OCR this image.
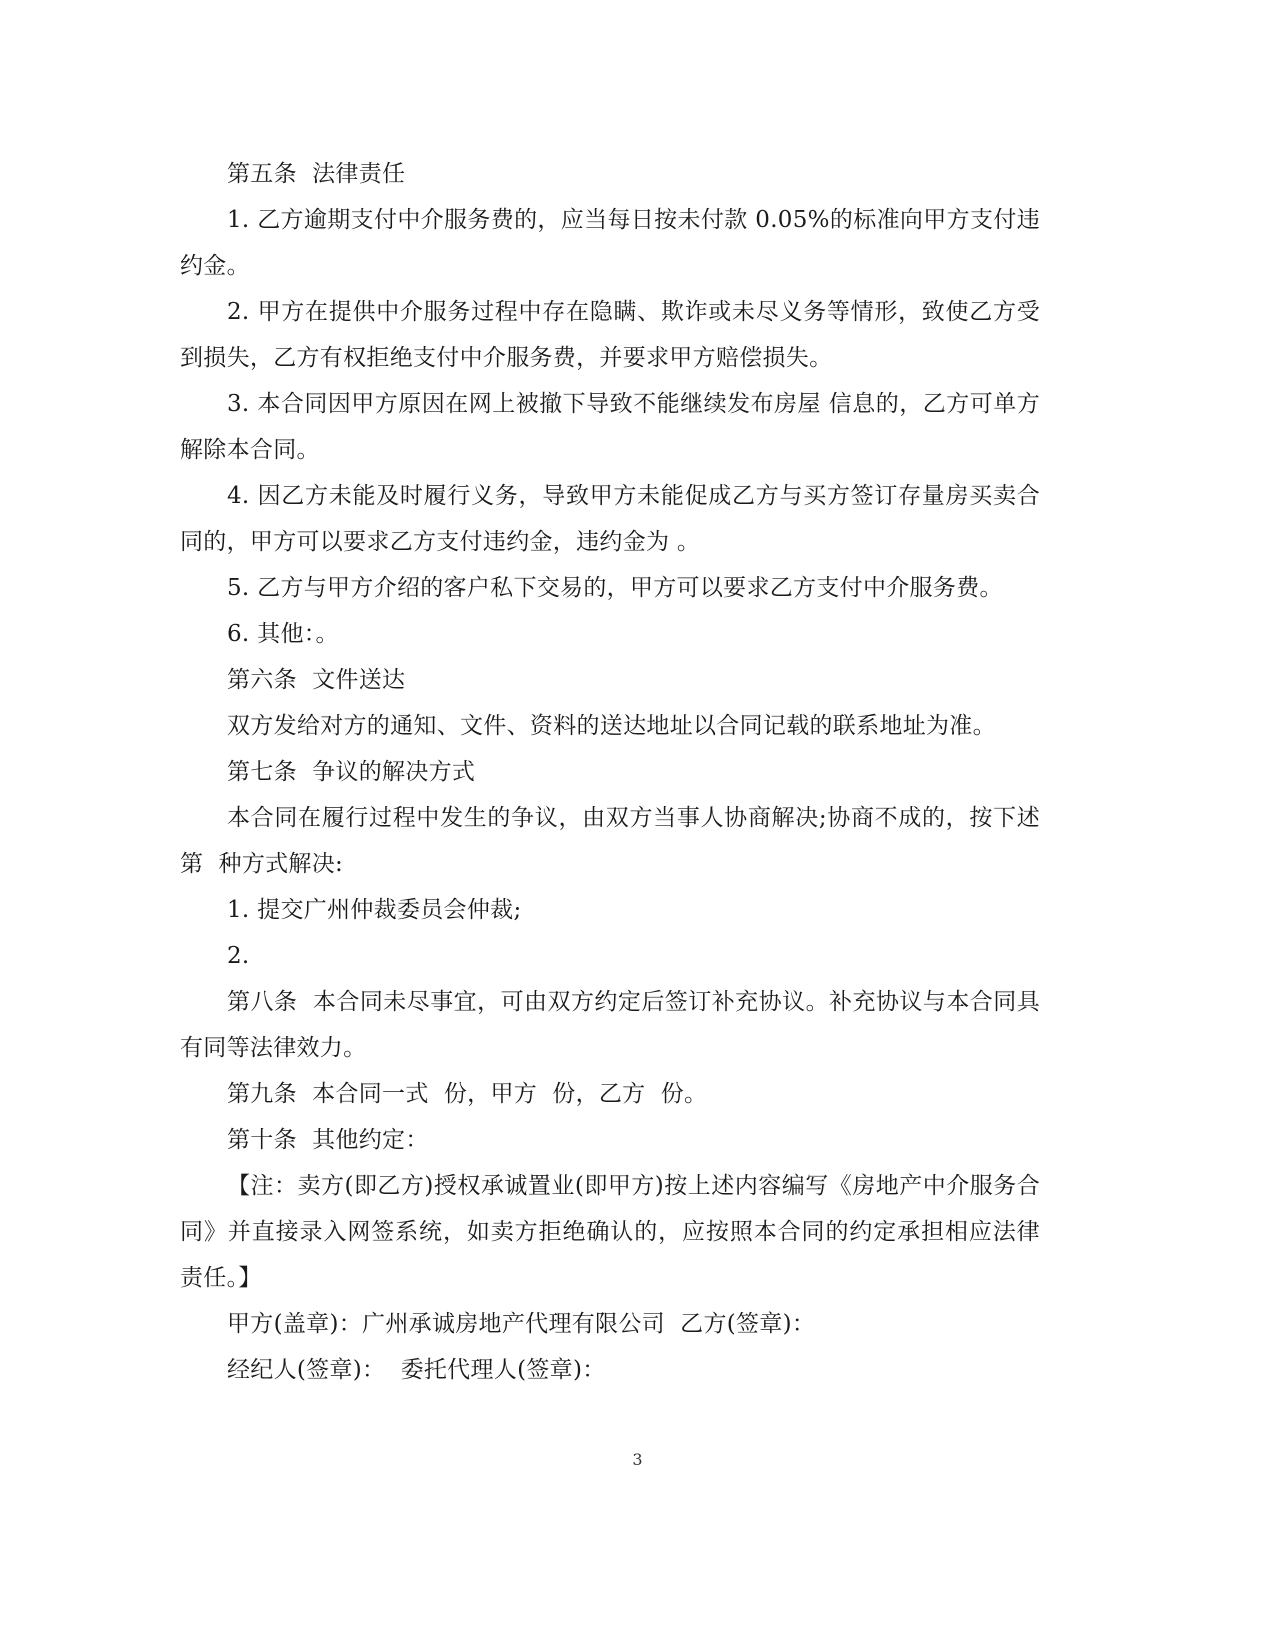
第五条  法律责任

1. 乙方逾期支付中介服务费的，应当每日按未付款 0.05%的标准向甲方支付违约金。

2. 甲方在提供中介服务过程中存在隐瞒、欺诈或未尽义务等情形，致使乙方受到损失，乙方有权拒绝支付中介服务费，并要求甲方赔偿损失。

3. 本合同因甲方原因在网上被撤下导致不能继续发布房屋 信息的，乙方可单方解除本合同。

4. 因乙方未能及时履行义务，导致甲方未能促成乙方与买方签订存量房买卖合同的，甲方可以要求乙方支付违约金，违约金为 。

5. 乙方与甲方介绍的客户私下交易的，甲方可以要求乙方支付中介服务费。

6. 其他：。

第六条  文件送达

双方发给对方的通知、文件、资料的送达地址以合同记载的联系地址为准。

第七条  争议的解决方式

本合同在履行过程中发生的争议，由双方当事人协商解决;协商不成的，按下述第  种方式解决:

1. 提交广州仲裁委员会仲裁;

2.

第八条  本合同未尽事宜，可由双方约定后签订补充协议。补充协议与本合同具有同等法律效力。

第九条  本合同一式  份，甲方  份，乙方  份。

第十条  其他约定：

【注：卖方(即乙方)授权承诚置业(即甲方)按上述内容编写《房地产中介服务合同》并直接录入网签系统，如卖方拒绝确认的，应按照本合同的约定承担相应法律责任。】

甲方(盖章)：广州承诚房地产代理有限公司  乙方(签章)：

经纪人(签章)：  委托代理人(签章)：

3
